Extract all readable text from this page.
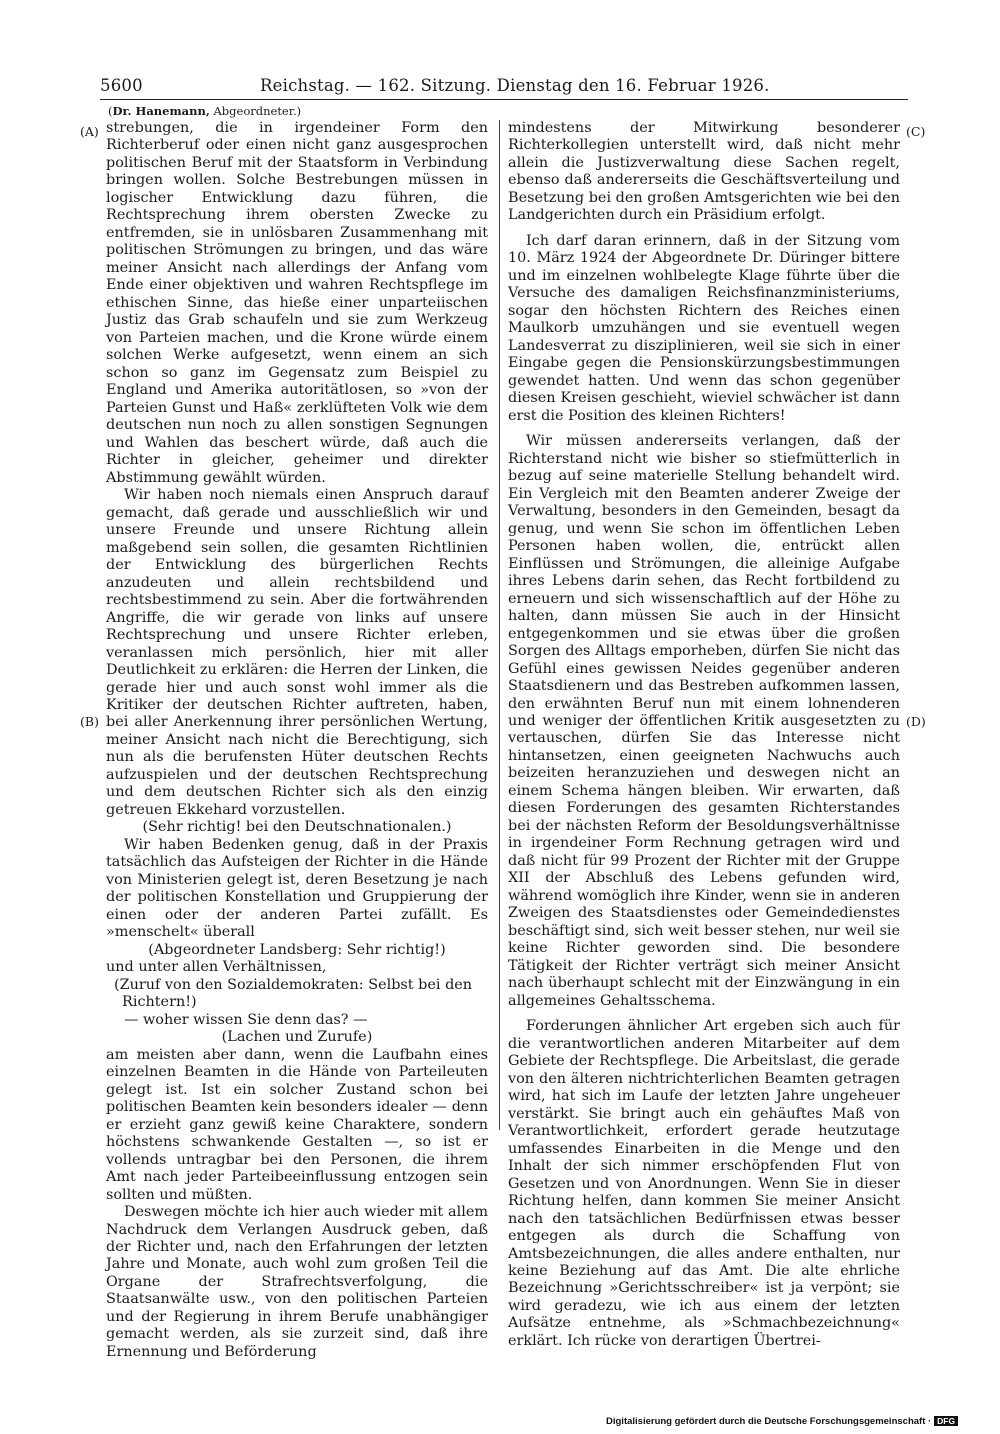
5600	Reichstag. — 162. Sitzung. Dienstag den 16. Februar 1926.
(Dr. Hanemann, Abgeordneter.)
(A)
(B)
(C)
(D)

strebungen, die in irgendeiner Form den Richterberuf oder einen nicht ganz ausgesprochen politischen Beruf mit der Staatsform in Verbindung bringen wollen. Solche Bestrebungen müssen in logischer Entwicklung dazu führen, die Rechtsprechung ihrem obersten Zwecke zu entfremden, sie in unlösbaren Zusammenhang mit politischen Strömungen zu bringen, und das wäre meiner Ansicht nach allerdings der Anfang vom Ende einer objektiven und wahren Rechtspflege im ethischen Sinne, das hieße einer unparteiischen Justiz das Grab schaufeln und sie zum Werkzeug von Parteien machen, und die Krone würde einem solchen Werke aufgesetzt, wenn einem an sich schon so ganz im Gegensatz zum Beispiel zu England und Amerika autoritätlosen, so »von der Parteien Gunst und Haß« zerklüfteten Volk wie dem deutschen nun noch zu allen sonstigen Segnungen und Wahlen das beschert würde, daß auch die Richter in gleicher, geheimer und direkter Abstimmung gewählt würden.

Wir haben noch niemals einen Anspruch darauf gemacht, daß gerade und ausschließlich wir und unsere Freunde und unsere Richtung allein maßgebend sein sollen, die gesamten Richtlinien der Entwicklung des bürgerlichen Rechts anzudeuten und allein rechtsbildend und rechtsbestimmend zu sein. Aber die fortwährenden Angriffe, die wir gerade von links auf unsere Rechtsprechung und unsere Richter erleben, veranlassen mich persönlich, hier mit aller Deutlichkeit zu erklären: die Herren der Linken, die gerade hier und auch sonst wohl immer als die Kritiker der deutschen Richter auftreten, haben, bei aller Anerkennung ihrer persönlichen Wertung, meiner Ansicht nach nicht die Berechtigung, sich nun als die berufensten Hüter deutschen Rechts aufzuspielen und der deutschen Rechtsprechung und dem deutschen Richter sich als den einzig getreuen Ekkehard vorzustellen.

(Sehr richtig! bei den Deutschnationalen.)

Wir haben Bedenken genug, daß in der Praxis tatsächlich das Aufsteigen der Richter in die Hände von Ministerien gelegt ist, deren Besetzung je nach der politischen Konstellation und Gruppierung der einen oder der anderen Partei zufällt. Es »menschelt« überall

(Abgeordneter Landsberg: Sehr richtig!)

und unter allen Verhältnissen,

(Zuruf von den Sozialdemokraten: Selbst bei den Richtern!)

— woher wissen Sie denn das? —

(Lachen und Zurufe)

am meisten aber dann, wenn die Laufbahn eines einzelnen Beamten in die Hände von Parteileuten gelegt ist. Ist ein solcher Zustand schon bei politischen Beamten kein besonders idealer — denn er erzieht ganz gewiß keine Charaktere, sondern höchstens schwankende Gestalten —, so ist er vollends untragbar bei den Personen, die ihrem Amt nach jeder Parteibeeinflussung entzogen sein sollten und müßten.

Deswegen möchte ich hier auch wieder mit allem Nachdruck dem Verlangen Ausdruck geben, daß der Richter und, nach den Erfahrungen der letzten Jahre und Monate, auch wohl zum großen Teil die Organe der Strafrechtsverfolgung, die Staatsanwälte usw., von den politischen Parteien und der Regierung in ihrem Berufe unabhängiger gemacht werden, als sie zurzeit sind, daß ihre Ernennung und Beförderung

mindestens der Mitwirkung besonderer Richterkollegien unterstellt wird, daß nicht mehr allein die Justizverwaltung diese Sachen regelt, ebenso daß andererseits die Geschäftsverteilung und Besetzung bei den großen Amtsgerichten wie bei den Landgerichten durch ein Präsidium erfolgt.

Ich darf daran erinnern, daß in der Sitzung vom 10. März 1924 der Abgeordnete Dr. Düringer bittere und im einzelnen wohlbelegte Klage führte über die Versuche des damaligen Reichsfinanzministeriums, sogar den höchsten Richtern des Reiches einen Maulkorb umzuhängen und sie eventuell wegen Landesverrat zu disziplinieren, weil sie sich in einer Eingabe gegen die Pensionskürzungsbestimmungen gewendet hatten. Und wenn das schon gegenüber diesen Kreisen geschieht, wieviel schwächer ist dann erst die Position des kleinen Richters!

Wir müssen andererseits verlangen, daß der Richterstand nicht wie bisher so stiefmütterlich in bezug auf seine materielle Stellung behandelt wird. Ein Vergleich mit den Beamten anderer Zweige der Verwaltung, besonders in den Gemeinden, besagt da genug, und wenn Sie schon im öffentlichen Leben Personen haben wollen, die, entrückt allen Einflüssen und Strömungen, die alleinige Aufgabe ihres Lebens darin sehen, das Recht fortbildend zu erneuern und sich wissenschaftlich auf der Höhe zu halten, dann müssen Sie auch in der Hinsicht entgegenkommen und sie etwas über die großen Sorgen des Alltags emporheben, dürfen Sie nicht das Gefühl eines gewissen Neides gegenüber anderen Staatsdienern und das Bestreben aufkommen lassen, den erwähnten Beruf nun mit einem lohnenderen und weniger der öffentlichen Kritik ausgesetzten zu vertauschen, dürfen Sie das Interesse nicht hintansetzen, einen geeigneten Nachwuchs auch beizeiten heranzuziehen und deswegen nicht an einem Schema hängen bleiben. Wir erwarten, daß diesen Forderungen des gesamten Richterstandes bei der nächsten Reform der Besoldungsverhältnisse in irgendeiner Form Rechnung getragen wird und daß nicht für 99 Prozent der Richter mit der Gruppe XII der Abschluß des Lebens gefunden wird, während womöglich ihre Kinder, wenn sie in anderen Zweigen des Staatsdienstes oder Gemeindedienstes beschäftigt sind, sich weit besser stehen, nur weil sie keine Richter geworden sind. Die besondere Tätigkeit der Richter verträgt sich meiner Ansicht nach überhaupt schlecht mit der Einzwängung in ein allgemeines Gehaltsschema.

Forderungen ähnlicher Art ergeben sich auch für die verantwortlichen anderen Mitarbeiter auf dem Gebiete der Rechtspflege. Die Arbeitslast, die gerade von den älteren nichtrichterlichen Beamten getragen wird, hat sich im Laufe der letzten Jahre ungeheuer verstärkt. Sie bringt auch ein gehäuftes Maß von Verantwortlichkeit, erfordert gerade heutzutage umfassendes Einarbeiten in die Menge und den Inhalt der sich nimmer erschöpfenden Flut von Gesetzen und von Anordnungen. Wenn Sie in dieser Richtung helfen, dann kommen Sie meiner Ansicht nach den tatsächlichen Bedürfnissen etwas besser entgegen als durch die Schaffung von Amtsbezeichnungen, die alles andere enthalten, nur keine Beziehung auf das Amt. Die alte ehrliche Bezeichnung »Gerichtsschreiber« ist ja verpönt; sie wird geradezu, wie ich aus einem der letzten Aufsätze entnehme, als »Schmachbezeichnung« erklärt. Ich rücke von derartigen Übertrei-

Digitalisierung gefördert durch die Deutsche Forschungsgemeinschaft · DFG
